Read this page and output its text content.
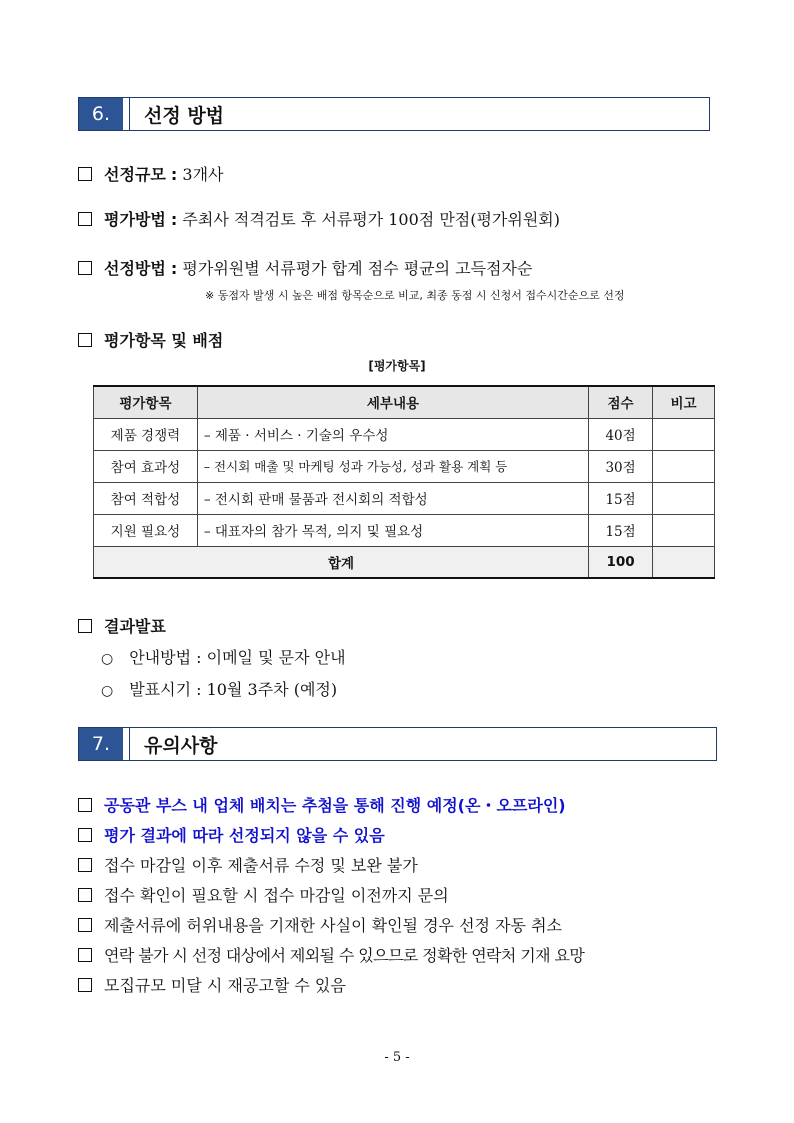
6.	선정 방법
선정규모 : 3개사
평가방법 : 주최사 적격검토 후 서류평가 100점 만점(평가위원회)
선정방법 : 평가위원별 서류평가 합계 점수 평균의 고득점자순
※ 동점자 발생 시 높은 배점 항목순으로 비교, 최종 동점 시 신청서 접수시간순으로 선정
평가항목 및 배점
[평가항목]
평가항목	세부내용	점수	비고
제품 경쟁력	– 제품 · 서비스 · 기술의 우수성	40점	
참여 효과성	– 전시회 매출 및 마케팅 성과 가능성, 성과 활용 계획 등	30점	
참여 적합성	– 전시회 판매 물품과 전시회의 적합성	15점	
지원 필요성	– 대표자의 참가 목적, 의지 및 필요성	15점	
합계		100	
결과발표
○ 안내방법 : 이메일 및 문자 안내
○ 발표시기 : 10월 3주차 (예정)
7.	유의사항
공동관 부스 내 업체 배치는 추첨을 통해 진행 예정(온・오프라인)
평가 결과에 따라 선정되지 않을 수 있음
접수 마감일 이후 제출서류 수정 및 보완 불가
접수 확인이 필요할 시 접수 마감일 이전까지 문의
제출서류에 허위내용을 기재한 사실이 확인될 경우 선정 자동 취소
연락 불가 시 선정 대상에서 제외될 수 있으므로 정확한 연락처 기재 요망
모집규모 미달 시 재공고할 수 있음
- 5 -
